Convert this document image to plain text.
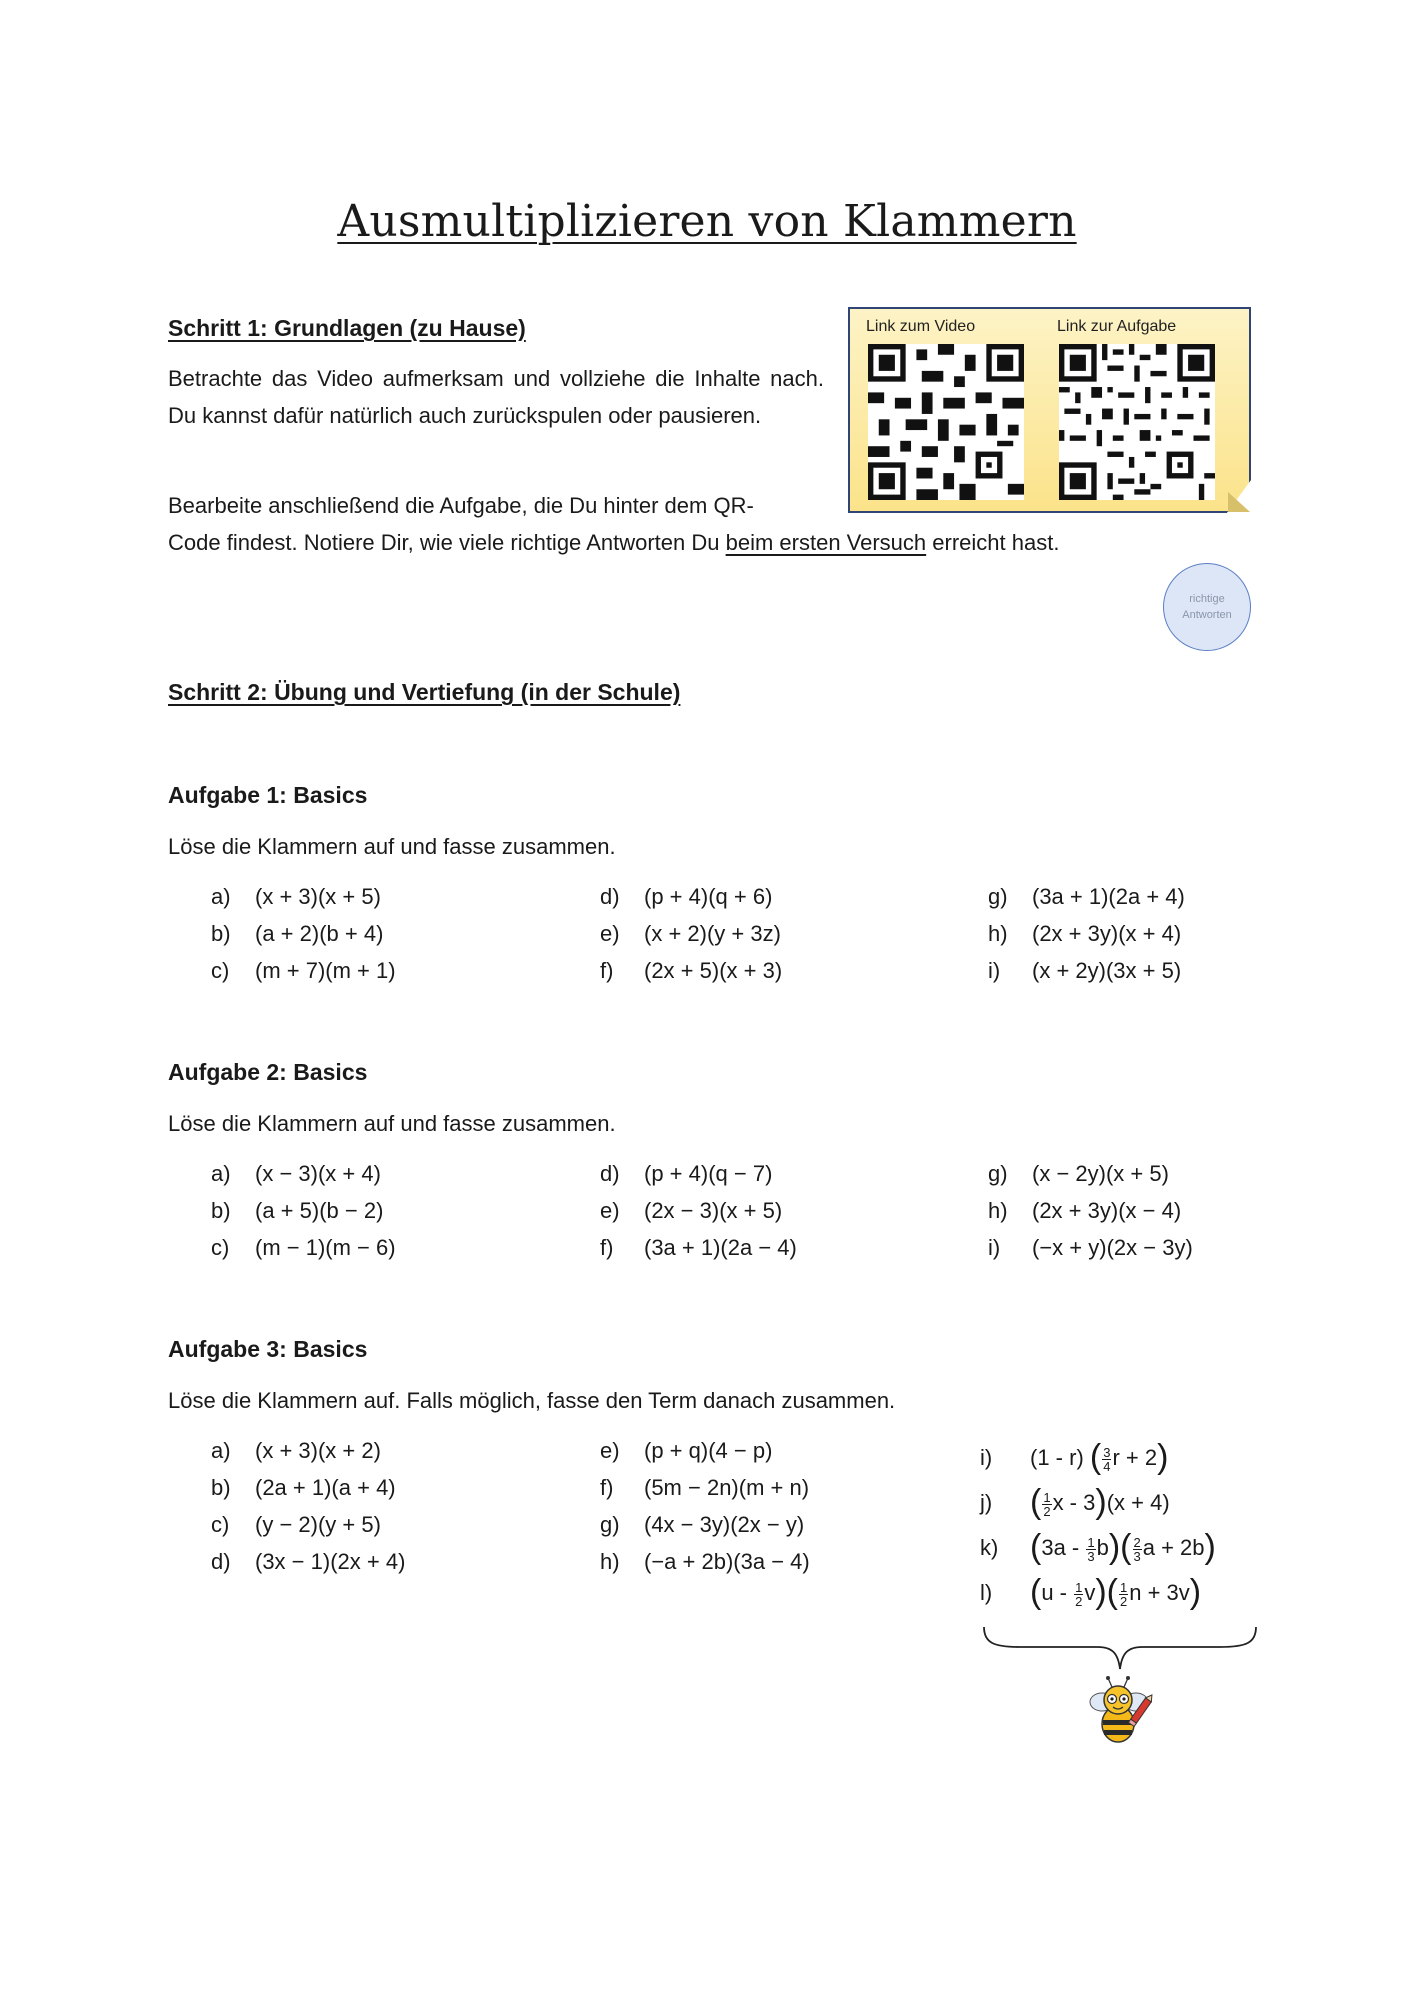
Ausmultiplizieren von Klammern
Schritt 1: Grundlagen (zu Hause)
Betrachte das Video aufmerksam und vollziehe die Inhalte nach. Du kannst dafür natürlich auch zurückspulen oder pausieren.
Bearbeite anschließend die Aufgabe, die Du hinter dem QR-
Code findest. Notiere Dir, wie viele richtige Antworten Du beim ersten Versuch erreicht hast.
Link zum Video	Link zur Aufgabe
richtige
Antworten
Schritt 2: Übung und Vertiefung (in der Schule)
Aufgabe 1: Basics
Löse die Klammern auf und fasse zusammen.
a) (x + 3)(x + 5)
b) (a + 2)(b + 4)
c) (m + 7)(m + 1)
d) (p + 4)(q + 6)
e) (x + 2)(y + 3z)
f) (2x + 5)(x + 3)
g) (3a + 1)(2a + 4)
h) (2x + 3y)(x + 4)
i) (x + 2y)(3x + 5)
Aufgabe 2: Basics
Löse die Klammern auf und fasse zusammen.
a) (x − 3)(x + 4)
b) (a + 5)(b − 2)
c) (m − 1)(m − 6)
d) (p + 4)(q − 7)
e) (2x − 3)(x + 5)
f) (3a + 1)(2a − 4)
g) (x − 2y)(x + 5)
h) (2x + 3y)(x − 4)
i) (−x + y)(2x − 3y)
Aufgabe 3: Basics
Löse die Klammern auf. Falls möglich, fasse den Term danach zusammen.
a) (x + 3)(x + 2)
b) (2a + 1)(a + 4)
c) (y − 2)(y + 5)
d) (3x − 1)(2x + 4)
e) (p + q)(4 − p)
f) (5m − 2n)(m + n)
g) (4x − 3y)(2x − y)
h) (−a + 2b)(3a − 4)
i) (1 - r) ( $\frac{3}{4}$ r + 2)
j) ( $\frac{1}{2}$ x - 3)(x + 4)
k) $(3a - \frac{1}{3} b)( \frac{2}{3}$ a + 2b)
l) $(u - \frac{1}{2} v)( \frac{1}{2}$ n + 3v)
